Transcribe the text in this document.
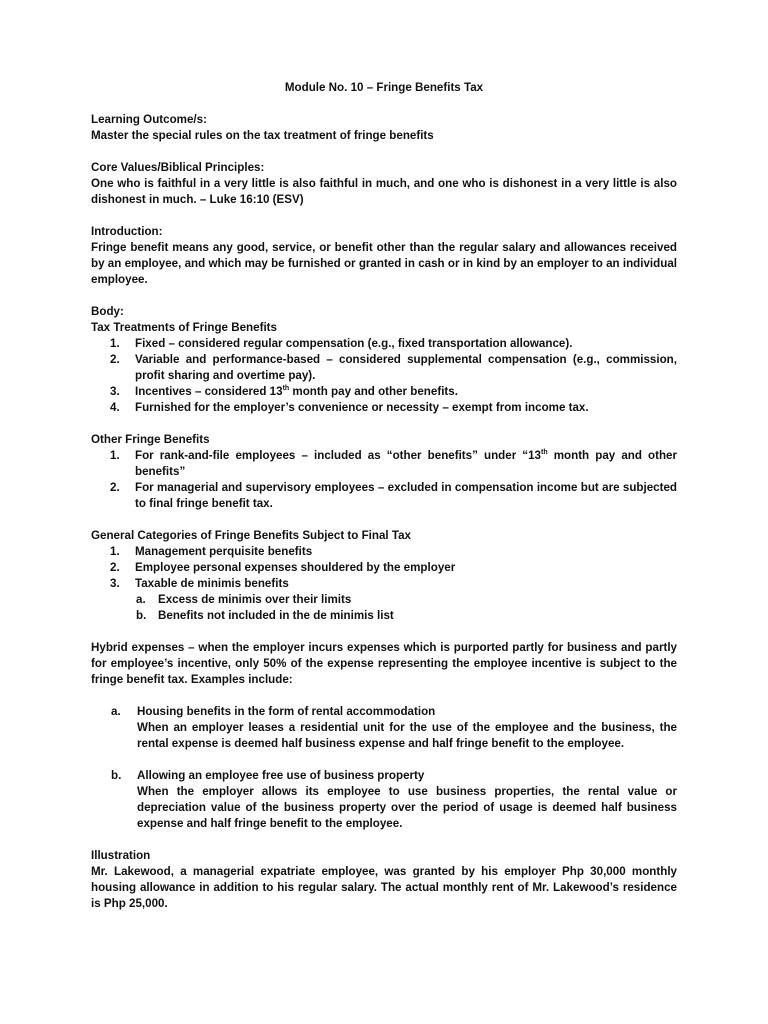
Module No. 10 – Fringe Benefits Tax
Learning Outcome/s:
Master the special rules on the tax treatment of fringe benefits
Core Values/Biblical Principles:
One who is faithful in a very little is also faithful in much, and one who is dishonest in a very little is also dishonest in much. – Luke 16:10 (ESV)
Introduction:
Fringe benefit means any good, service, or benefit other than the regular salary and allowances received by an employee, and which may be furnished or granted in cash or in kind by an employer to an individual employee.
Body:
Tax Treatments of Fringe Benefits
1. Fixed – considered regular compensation (e.g., fixed transportation allowance).
2. Variable and performance-based – considered supplemental compensation (e.g., commission, profit sharing and overtime pay).
3. Incentives – considered 13th month pay and other benefits.
4. Furnished for the employer’s convenience or necessity – exempt from income tax.
Other Fringe Benefits
1. For rank-and-file employees – included as “other benefits” under “13th month pay and other benefits”
2. For managerial and supervisory employees – excluded in compensation income but are subjected to final fringe benefit tax.
General Categories of Fringe Benefits Subject to Final Tax
1. Management perquisite benefits
2. Employee personal expenses shouldered by the employer
3. Taxable de minimis benefits
a. Excess de minimis over their limits
b. Benefits not included in the de minimis list
Hybrid expenses – when the employer incurs expenses which is purported partly for business and partly for employee’s incentive, only 50% of the expense representing the employee incentive is subject to the fringe benefit tax. Examples include:
a. Housing benefits in the form of rental accommodation
When an employer leases a residential unit for the use of the employee and the business, the rental expense is deemed half business expense and half fringe benefit to the employee.
b. Allowing an employee free use of business property
When the employer allows its employee to use business properties, the rental value or depreciation value of the business property over the period of usage is deemed half business expense and half fringe benefit to the employee.
Illustration
Mr. Lakewood, a managerial expatriate employee, was granted by his employer Php 30,000 monthly housing allowance in addition to his regular salary. The actual monthly rent of Mr. Lakewood’s residence is Php 25,000.
